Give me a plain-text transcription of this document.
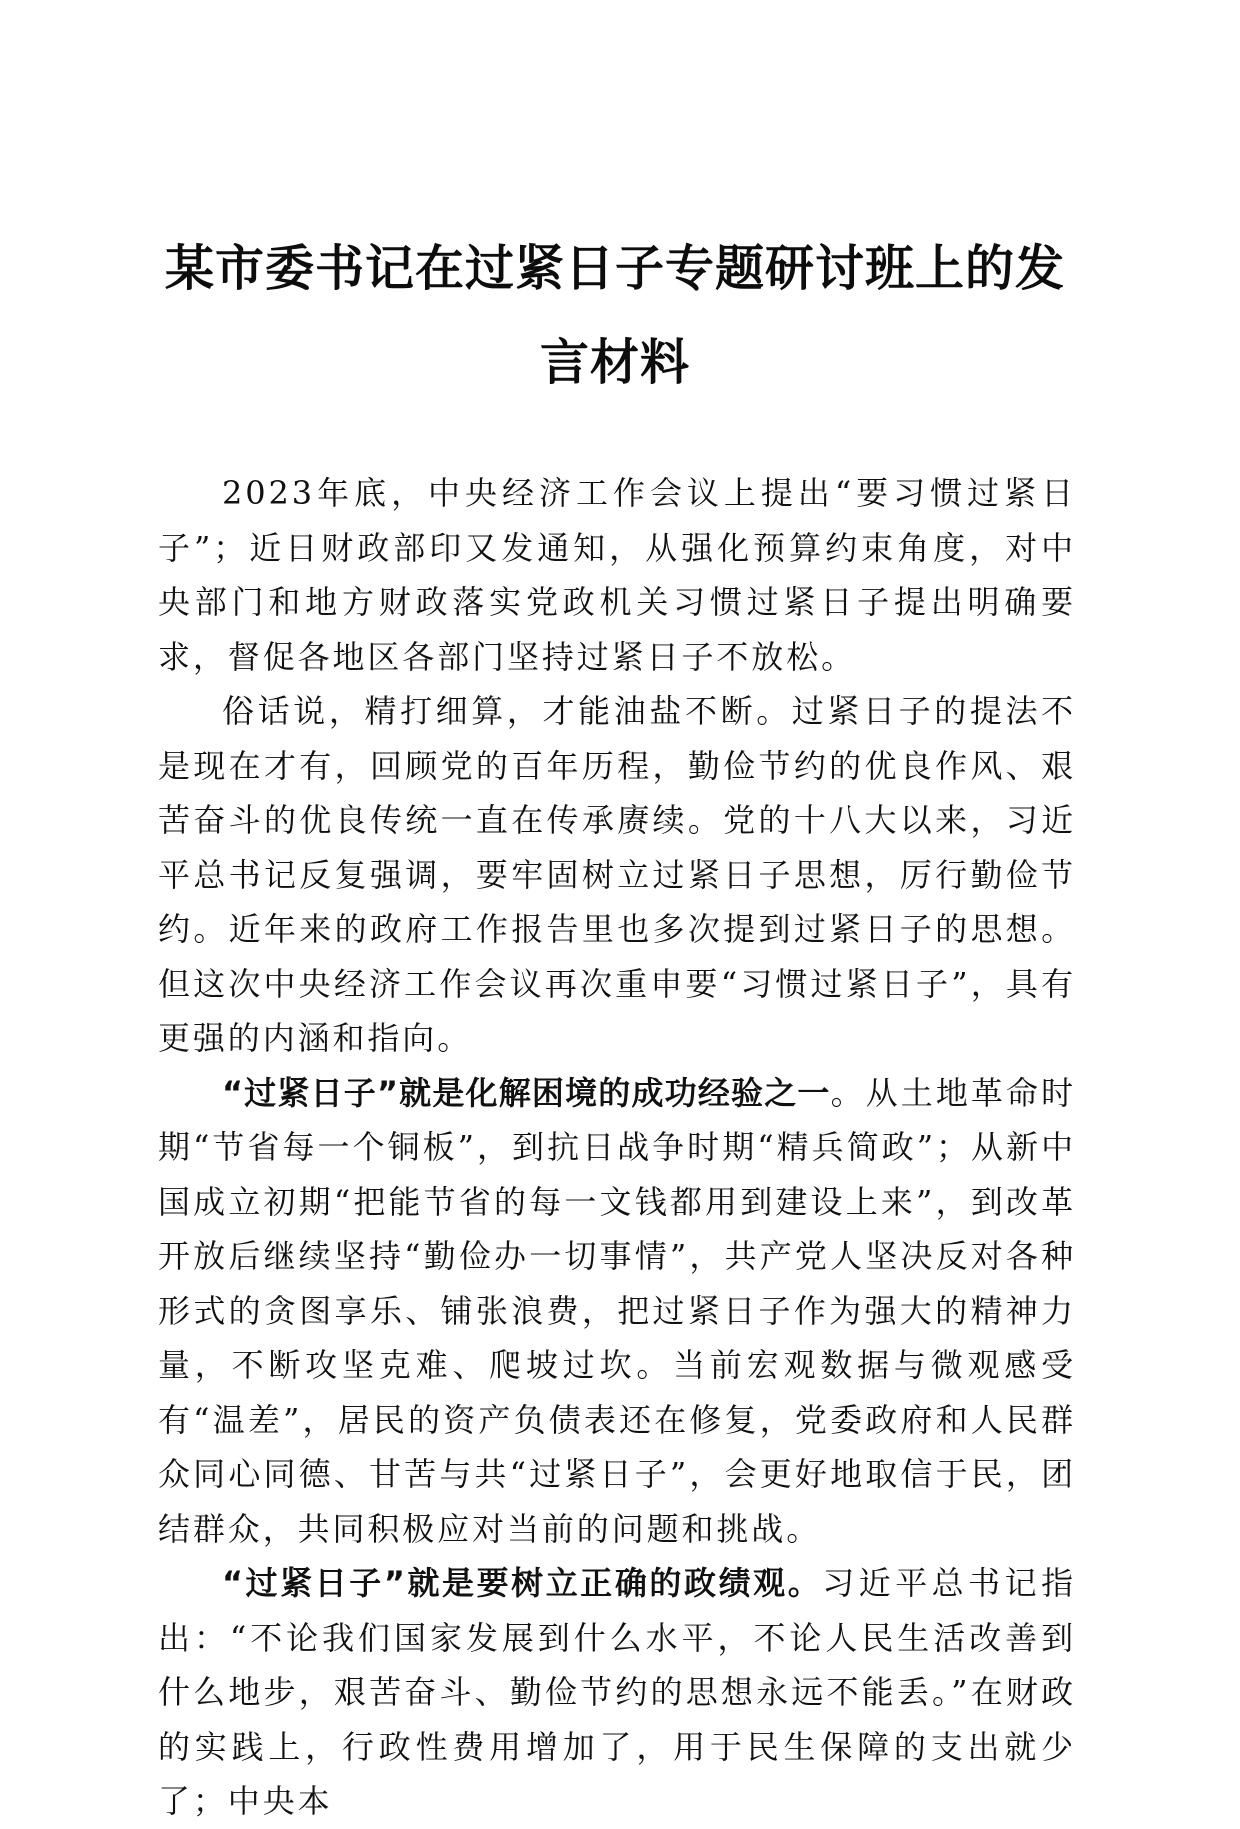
某市委书记在过紧日子专题研讨班上的发言材料

2023年底，中央经济工作会议上提出“要习惯过紧日子”；近日财政部印又发通知，从强化预算约束角度，对中央部门和地方财政落实党政机关习惯过紧日子提出明确要求，督促各地区各部门坚持过紧日子不放松。

俗话说，精打细算，才能油盐不断。过紧日子的提法不是现在才有，回顾党的百年历程，勤俭节约的优良作风、艰苦奋斗的优良传统一直在传承赓续。党的十八大以来，习近平总书记反复强调，要牢固树立过紧日子思想，厉行勤俭节约。近年来的政府工作报告里也多次提到过紧日子的思想。但这次中央经济工作会议再次重申要“习惯过紧日子”，具有更强的内涵和指向。

“过紧日子”就是化解困境的成功经验之一。从土地革命时期“节省每一个铜板”，到抗日战争时期“精兵简政”；从新中国成立初期“把能节省的每一文钱都用到建设上来”，到改革开放后继续坚持“勤俭办一切事情”，共产党人坚决反对各种形式的贪图享乐、铺张浪费，把过紧日子作为强大的精神力量，不断攻坚克难、爬坡过坎。当前宏观数据与微观感受有“温差”，居民的资产负债表还在修复，党委政府和人民群众同心同德、甘苦与共“过紧日子”，会更好地取信于民，团结群众，共同积极应对当前的问题和挑战。

“过紧日子”就是要树立正确的政绩观。习近平总书记指出：“不论我们国家发展到什么水平，不论人民生活改善到什么地步，艰苦奋斗、勤俭节约的思想永远不能丢。”在财政的实践上，行政性费用增加了，用于民生保障的支出就少了；中央本
